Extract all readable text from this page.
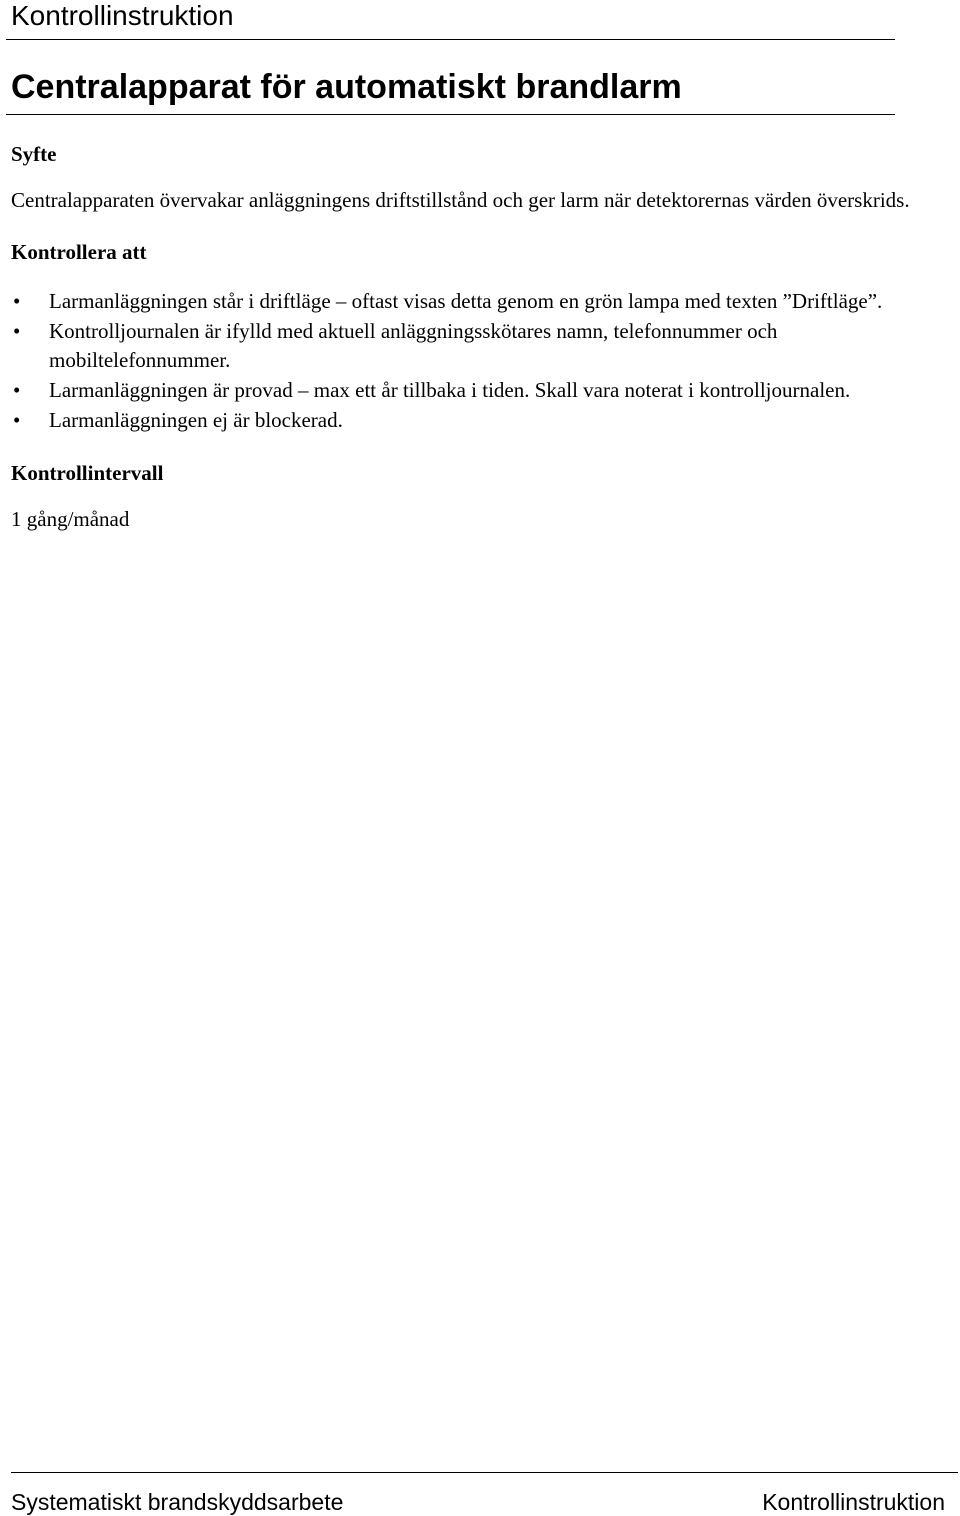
Kontrollinstruktion
Centralapparat för automatiskt brandlarm

Syfte

Centralapparaten övervakar anläggningens driftstillstånd och ger larm när detektorernas värden överskrids.

Kontrollera att

• Larmanläggningen står i driftläge – oftast visas detta genom en grön lampa med texten ”Driftläge”.
• Kontrolljournalen är ifylld med aktuell anläggningsskötares namn, telefonnummer och mobiltelefonnummer.
• Larmanläggningen är provad – max ett år tillbaka i tiden. Skall vara noterat i kontrolljournalen.
• Larmanläggningen ej är blockerad.

Kontrollintervall

1 gång/månad

Systematiskt brandskyddsarbete	Kontrollinstruktion
